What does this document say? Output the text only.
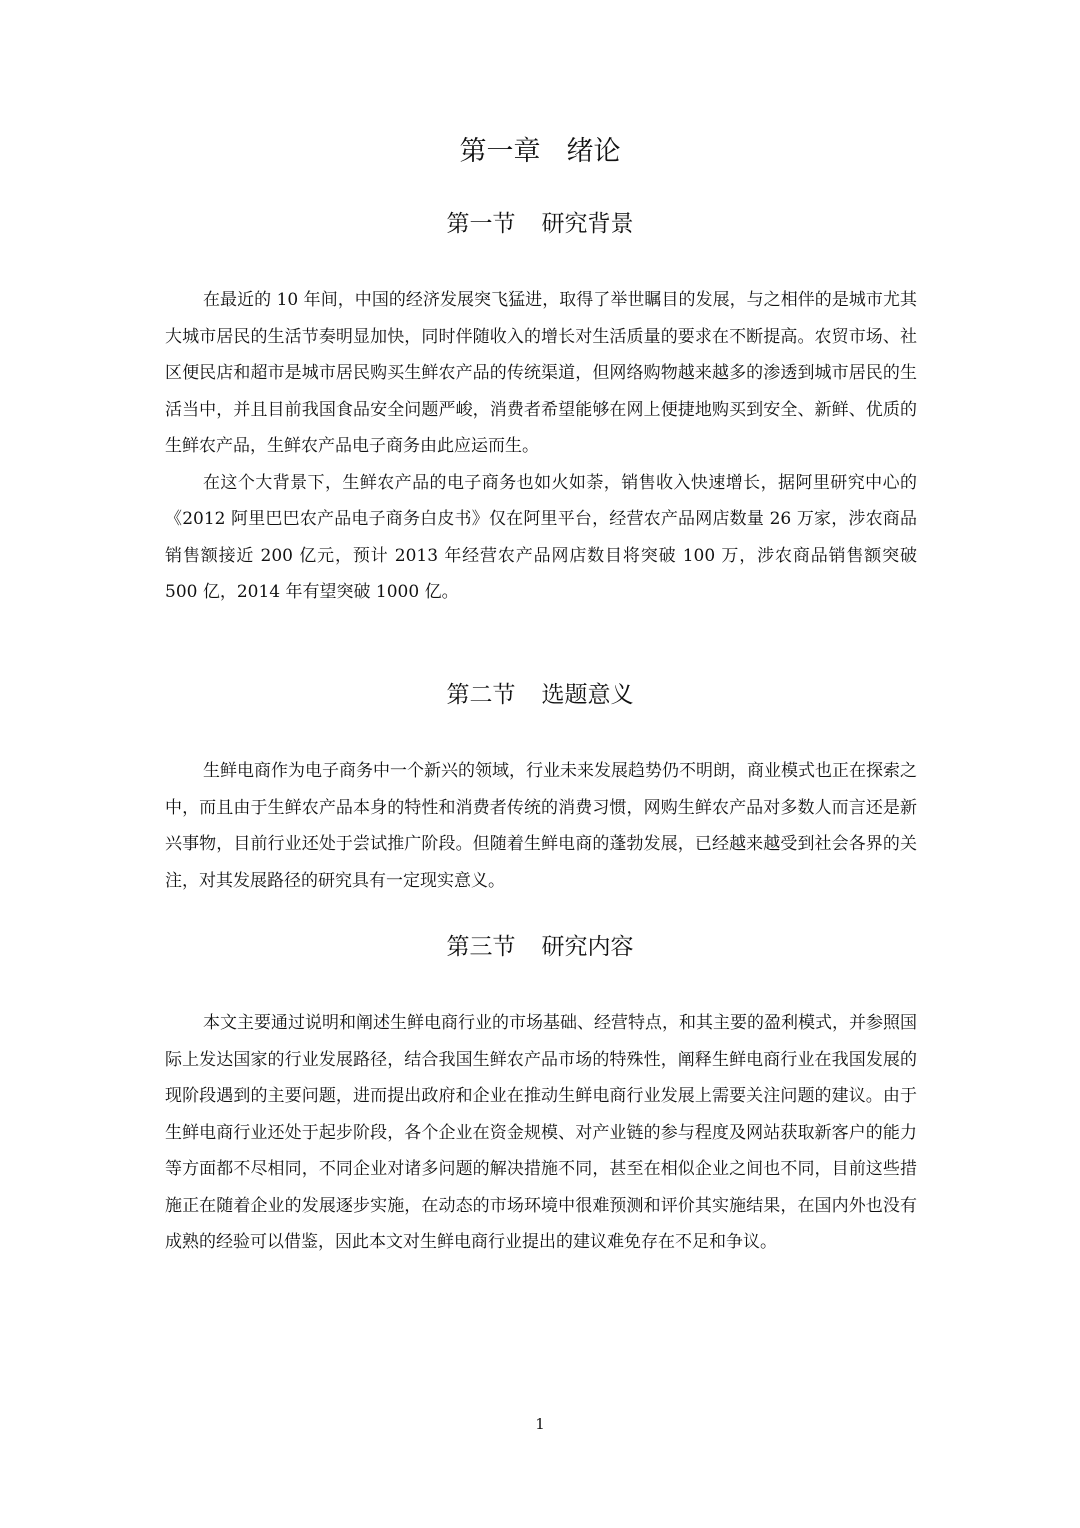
第一章 绪论
第一节 研究背景

在最近的 10 年间，中国的经济发展突飞猛进，取得了举世瞩目的发展，与之相伴的是城市尤其大城市居民的生活节奏明显加快，同时伴随收入的增长对生活质量的要求在不断提高。农贸市场、社区便民店和超市是城市居民购买生鲜农产品的传统渠道，但网络购物越来越多的渗透到城市居民的生活当中，并且目前我国食品安全问题严峻，消费者希望能够在网上便捷地购买到安全、新鲜、优质的生鲜农产品，生鲜农产品电子商务由此应运而生。

在这个大背景下，生鲜农产品的电子商务也如火如荼，销售收入快速增长，据阿里研究中心的《2012 阿里巴巴农产品电子商务白皮书》仅在阿里平台，经营农产品网店数量 26 万家，涉农商品销售额接近 200 亿元，预计 2013 年经营农产品网店数目将突破 100 万，涉农商品销售额突破 500 亿，2014 年有望突破 1000 亿。

第二节 选题意义

生鲜电商作为电子商务中一个新兴的领域，行业未来发展趋势仍不明朗，商业模式也正在探索之中，而且由于生鲜农产品本身的特性和消费者传统的消费习惯，网购生鲜农产品对多数人而言还是新兴事物，目前行业还处于尝试推广阶段。但随着生鲜电商的蓬勃发展，已经越来越受到社会各界的关注，对其发展路径的研究具有一定现实意义。

第三节 研究内容

本文主要通过说明和阐述生鲜电商行业的市场基础、经营特点，和其主要的盈利模式，并参照国际上发达国家的行业发展路径，结合我国生鲜农产品市场的特殊性，阐释生鲜电商行业在我国发展的现阶段遇到的主要问题，进而提出政府和企业在推动生鲜电商行业发展上需要关注问题的建议。由于生鲜电商行业还处于起步阶段，各个企业在资金规模、对产业链的参与程度及网站获取新客户的能力等方面都不尽相同，不同企业对诸多问题的解决措施不同，甚至在相似企业之间也不同，目前这些措施正在随着企业的发展逐步实施，在动态的市场环境中很难预测和评价其实施结果，在国内外也没有成熟的经验可以借鉴，因此本文对生鲜电商行业提出的建议难免存在不足和争议。

1
